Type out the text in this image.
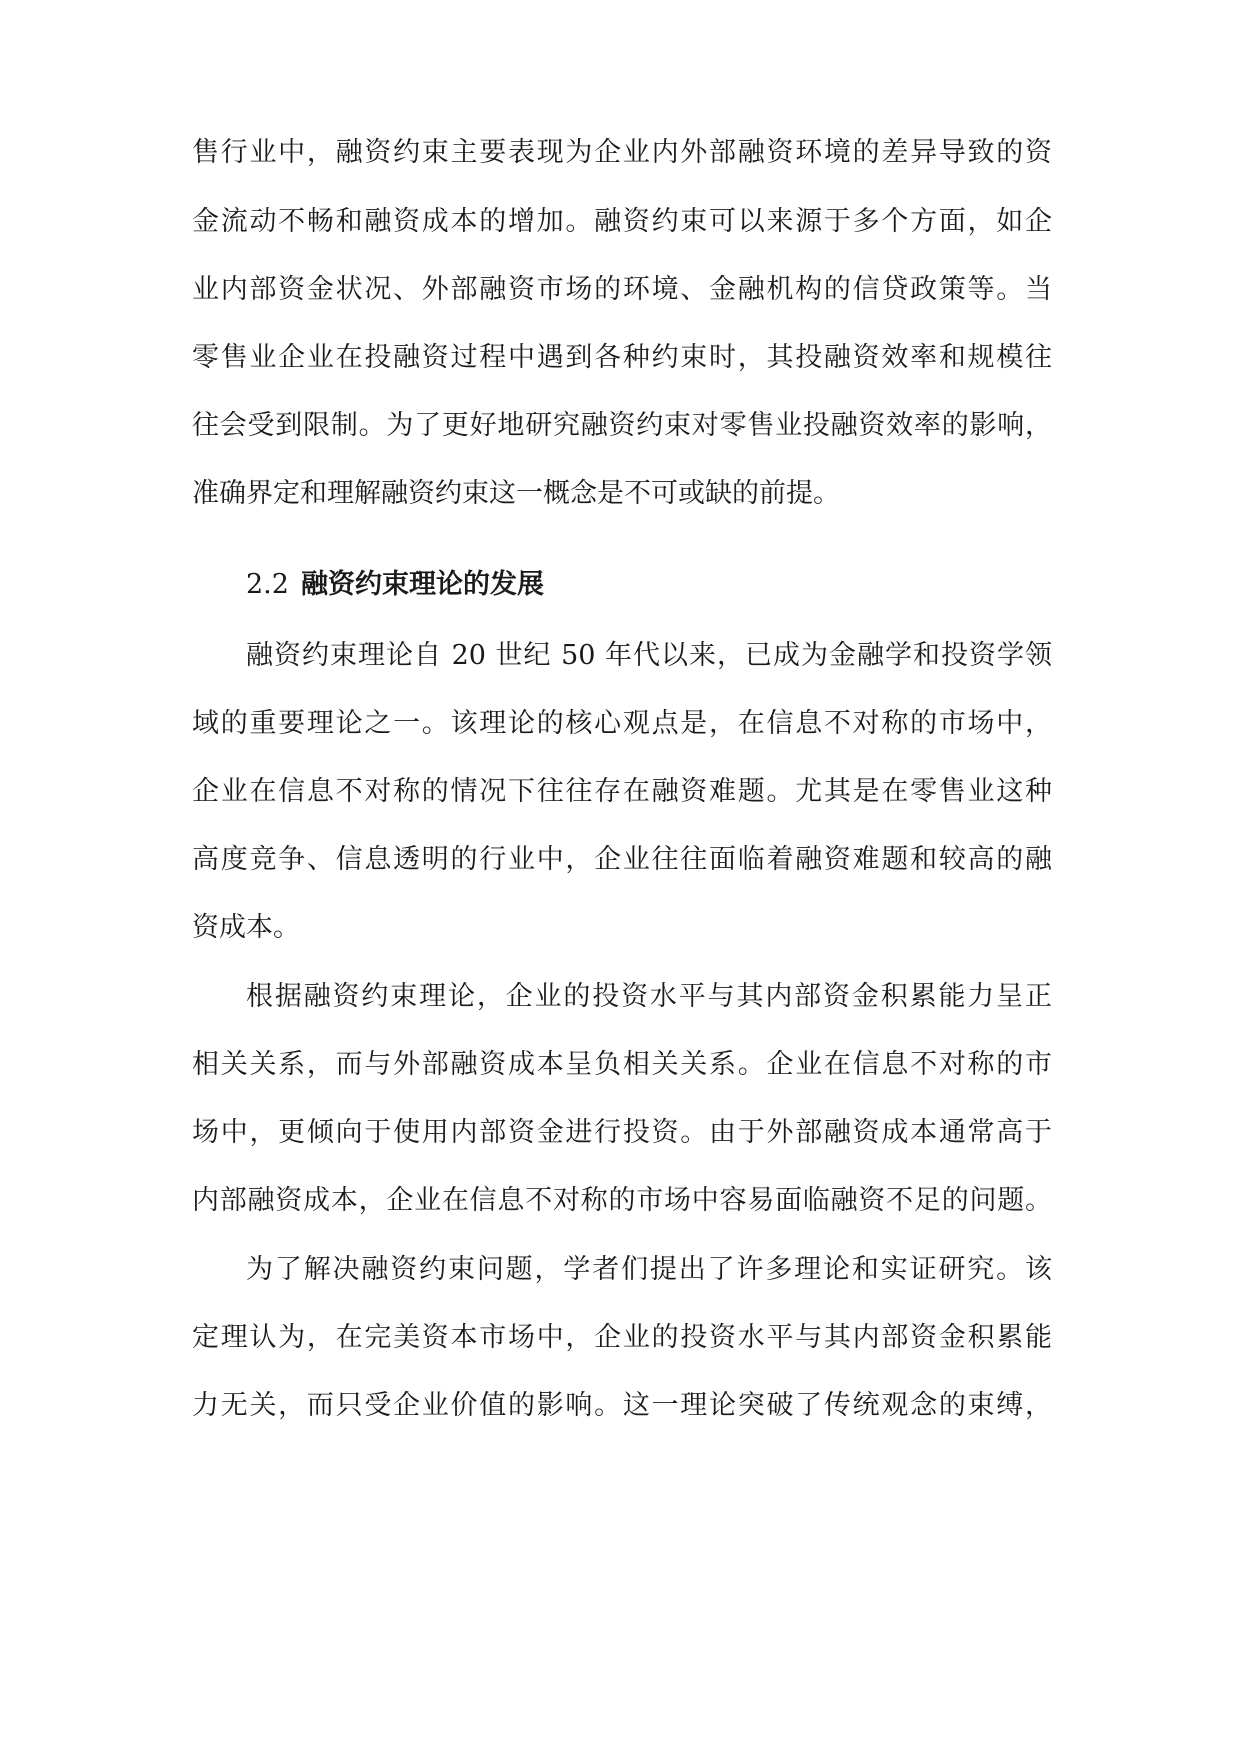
售行业中，融资约束主要表现为企业内外部融资环境的差异导致的资
金流动不畅和融资成本的增加。融资约束可以来源于多个方面，如企
业内部资金状况、外部融资市场的环境、金融机构的信贷政策等。当
零售业企业在投融资过程中遇到各种约束时，其投融资效率和规模往
往会受到限制。为了更好地研究融资约束对零售业投融资效率的影响，
准确界定和理解融资约束这一概念是不可或缺的前提。
2.2 融资约束理论的发展
融资约束理论自 20 世纪 50 年代以来，已成为金融学和投资学领
域的重要理论之一。该理论的核心观点是，在信息不对称的市场中，
企业在信息不对称的情况下往往存在融资难题。尤其是在零售业这种
高度竞争、信息透明的行业中，企业往往面临着融资难题和较高的融
资成本。
根据融资约束理论，企业的投资水平与其内部资金积累能力呈正
相关关系，而与外部融资成本呈负相关关系。企业在信息不对称的市
场中，更倾向于使用内部资金进行投资。由于外部融资成本通常高于
内部融资成本，企业在信息不对称的市场中容易面临融资不足的问题。
为了解决融资约束问题，学者们提出了许多理论和实证研究。该
定理认为，在完美资本市场中，企业的投资水平与其内部资金积累能
力无关，而只受企业价值的影响。这一理论突破了传统观念的束缚，
